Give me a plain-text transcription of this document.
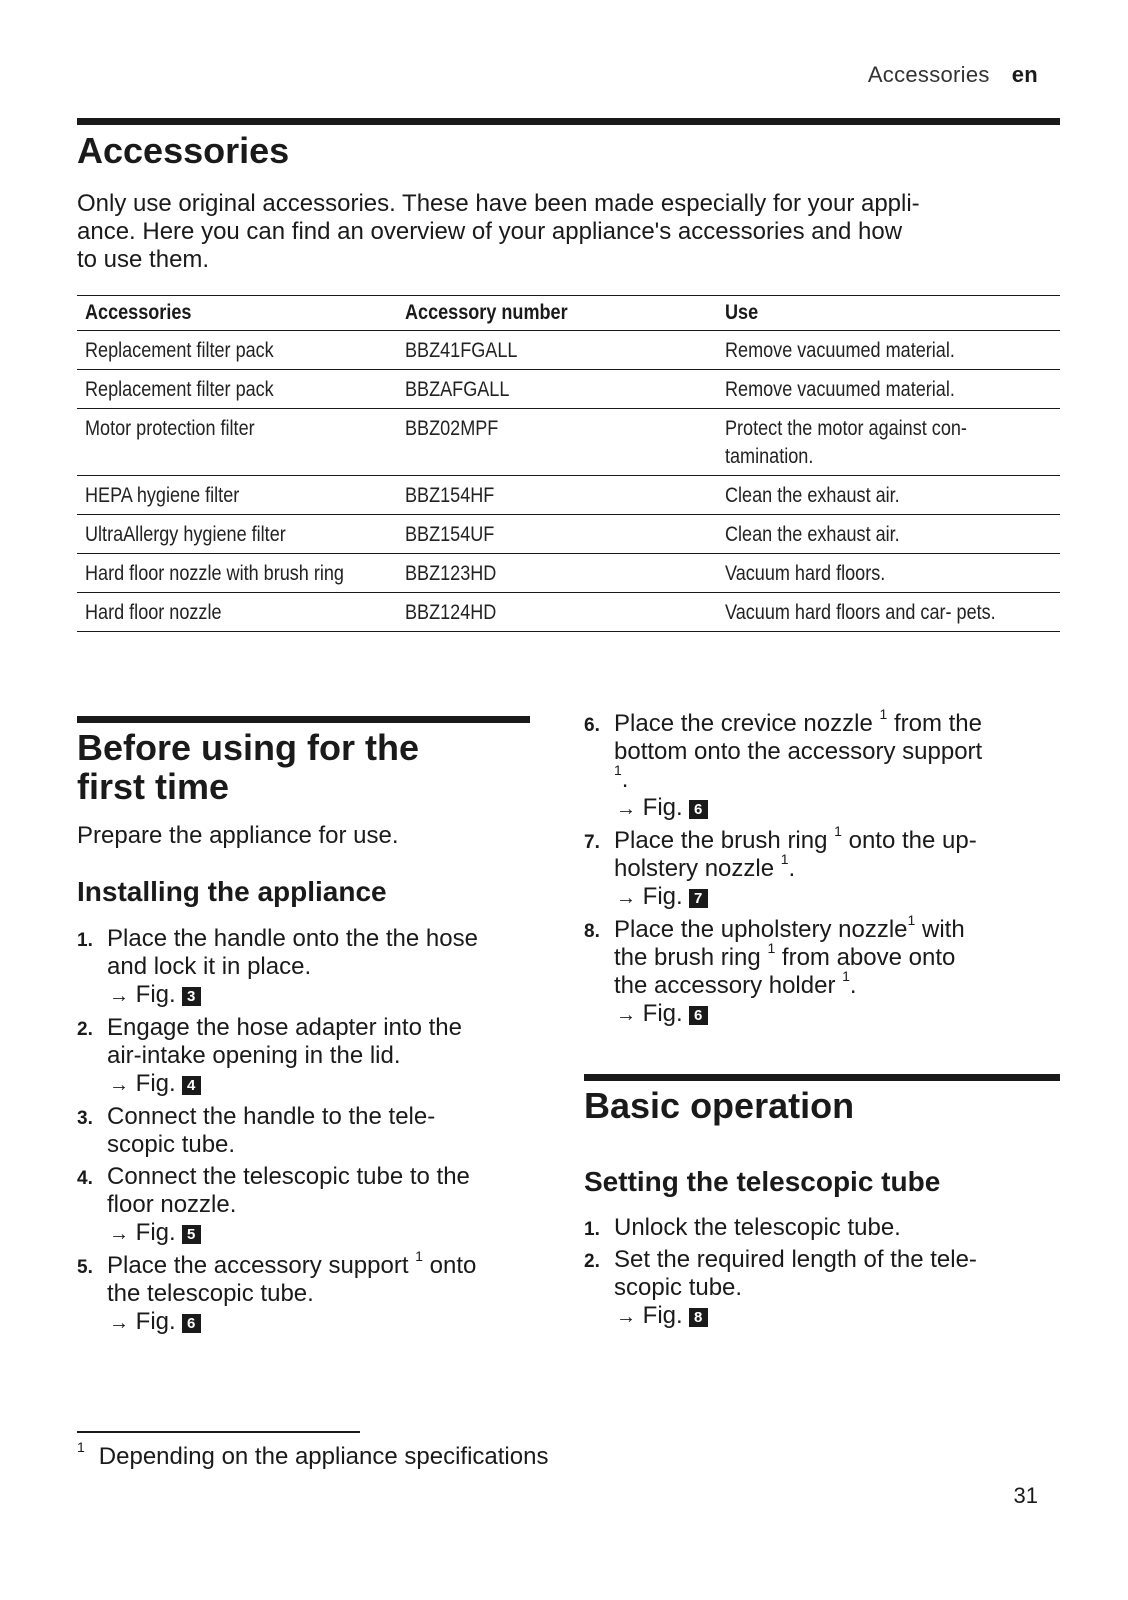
Accessories en
Accessories
Only use original accessories. These have been made especially for your appli-
ance. Here you can find an overview of your appliance's accessories and how
to use them.
Accessories	Accessory number	Use
Replacement filter pack	BBZ41FGALL	Remove vacuumed material.
Replacement filter pack	BBZAFGALL	Remove vacuumed material.
Motor protection filter	BBZ02MPF	Protect the motor against con- tamination.

HEPA hygiene filter	BBZ154HF	Clean the exhaust air.
UltraAllergy hygiene filter	BBZ154UF	Clean the exhaust air.

Hard floor nozzle with brush ring	BBZ123HD	Vacuum hard floors.
Hard floor nozzle	BBZ124HD	Vacuum hard floors and car- pets.
Before using for the
first time
Prepare the appliance for use.
Installing the appliance
1. Place the handle onto the the hose
and lock it in place.
→ Fig. 3
2. Engage the hose adapter into the
air-intake opening in the lid.
→ Fig. 4
3. Connect the handle to the tele-
scopic tube.
4. Connect the telescopic tube to the
floor nozzle.
→ Fig. 5
5. Place the accessory support $^1$ onto
the telescopic tube.
→ Fig. 6
6. Place the crevice nozzle $^1$ from the
bottom onto the accessory support
$^1$.
→ Fig. 6
7. Place the brush ring $^1$ onto the up-
holstery nozzle $^1$.
→ Fig. 7
8. Place the upholstery nozzle$^1$ with
the brush ring $^1$ from above onto
the accessory holder $^1$.
→ Fig. 6
Basic operation
Setting the telescopic tube
1. Unlock the telescopic tube.
2. Set the required length of the tele-
scopic tube.
→ Fig. 8
$^1$ Depending on the appliance specifications
31
